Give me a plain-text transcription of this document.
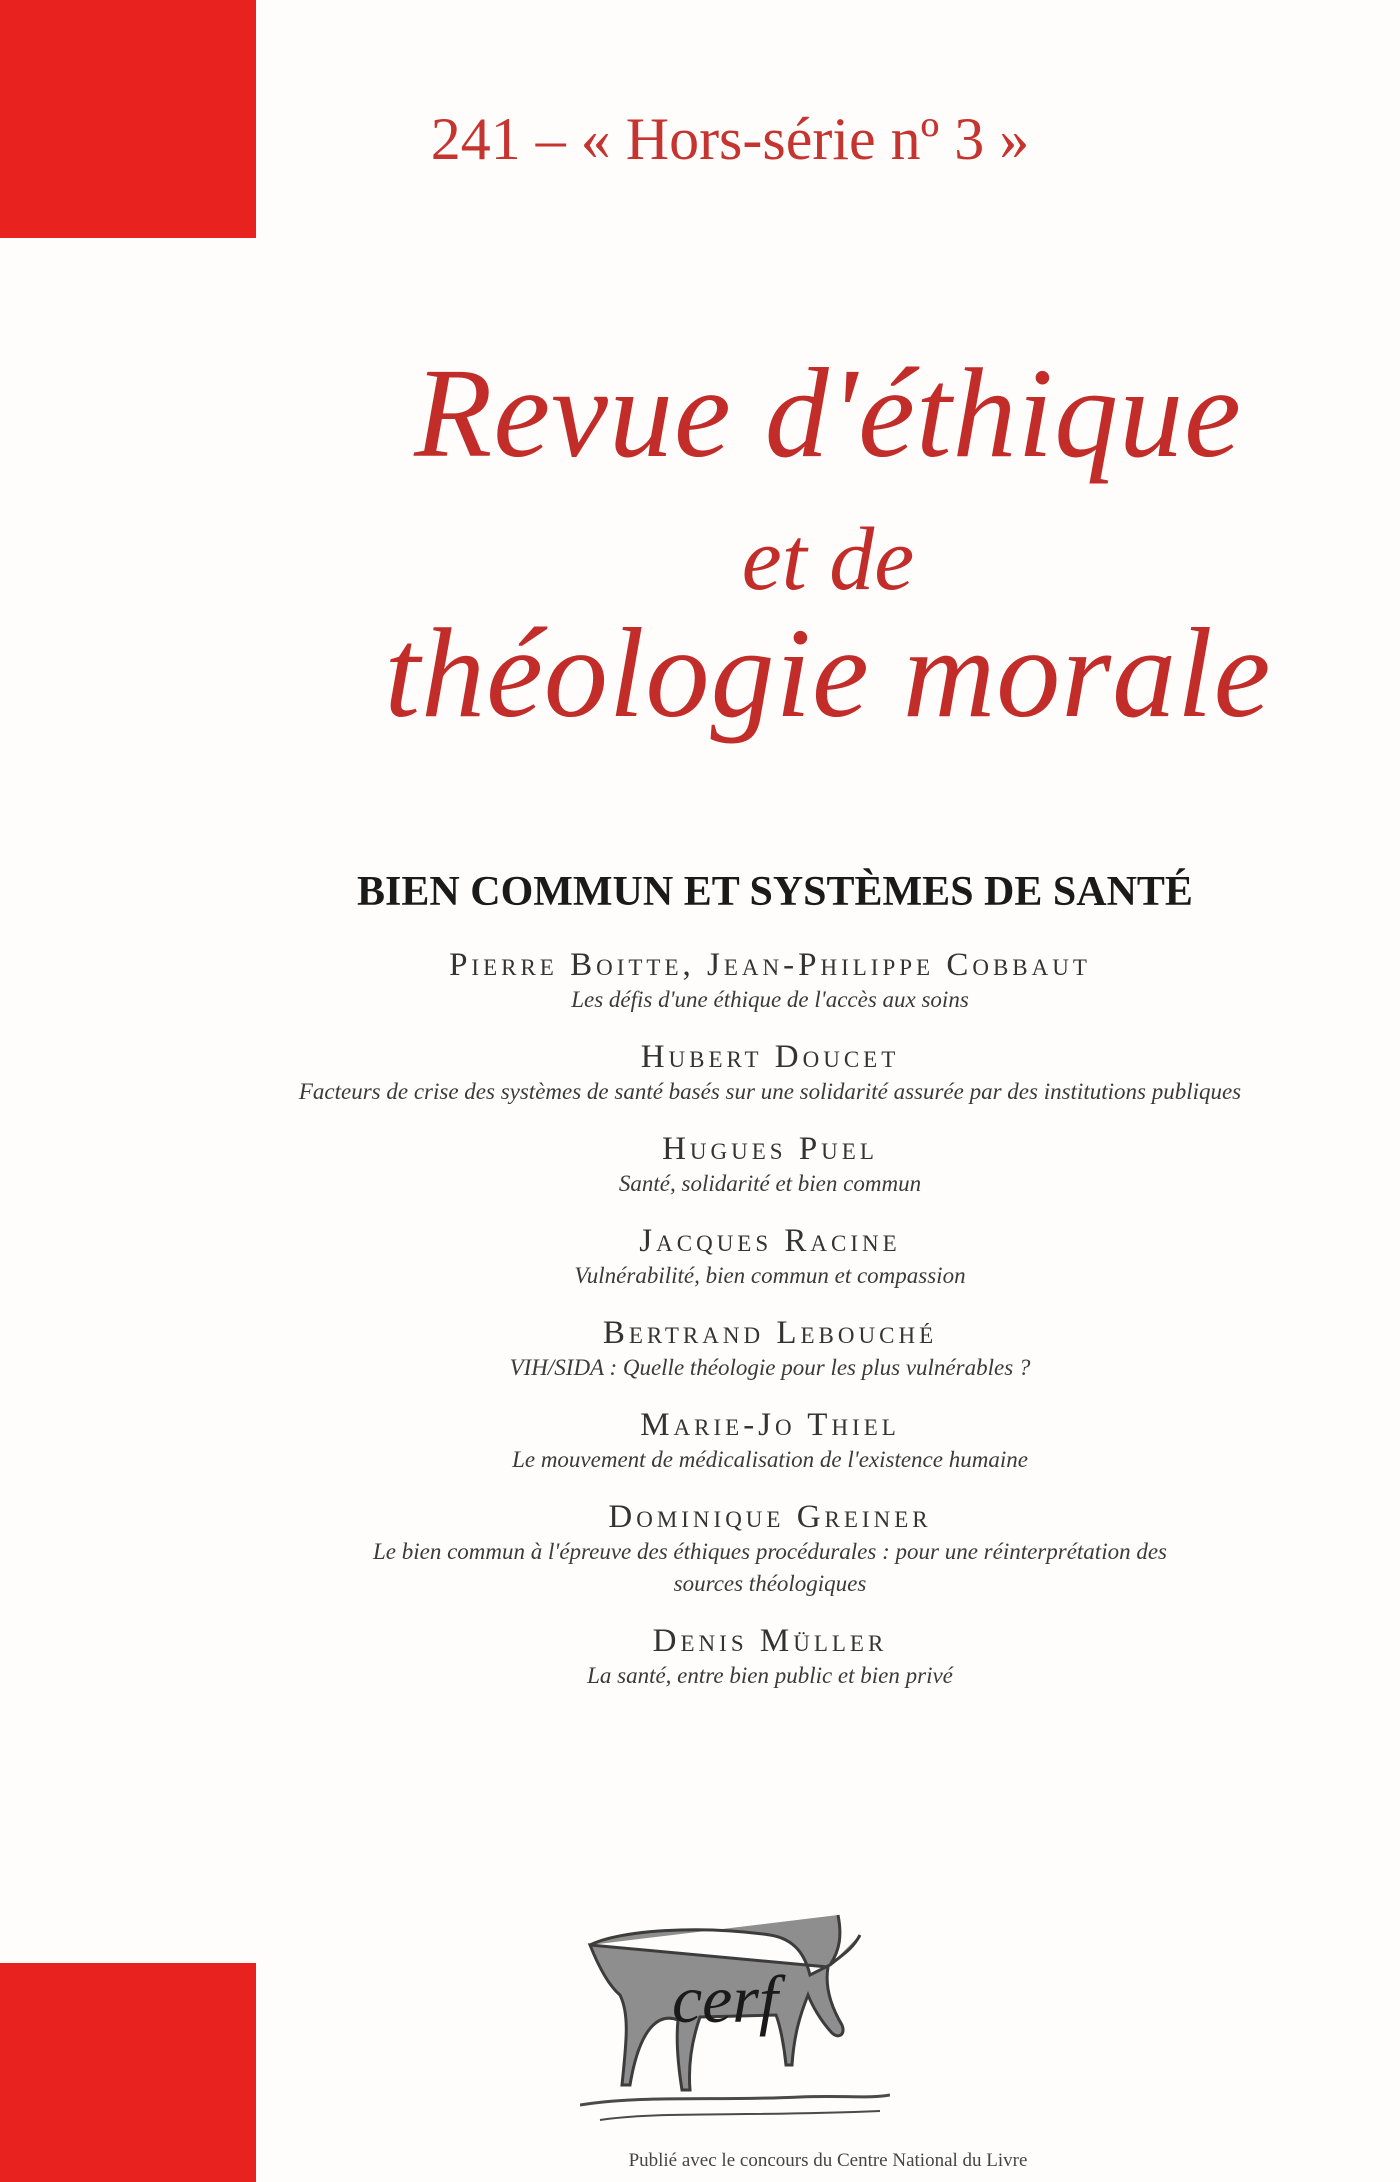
241 – « Hors-série nº 3 »
Revue d'éthique
et de
théologie morale
BIEN COMMUN ET SYSTÈMES DE SANTÉ
Pierre Boitte, Jean-Philippe Cobbaut
Les défis d'une éthique de l'accès aux soins
Hubert Doucet
Facteurs de crise des systèmes de santé basés sur une solidarité assurée par des institutions publiques
Hugues Puel
Santé, solidarité et bien commun
Jacques Racine
Vulnérabilité, bien commun et compassion
Bertrand Lebouché
VIH/SIDA : Quelle théologie pour les plus vulnérables ?
Marie-Jo Thiel
Le mouvement de médicalisation de l'existence humaine
Dominique Greiner
Le bien commun à l'épreuve des éthiques procédurales : pour une réinterprétation des sources théologiques
Denis Müller
La santé, entre bien public et bien privé
cerf
Publié avec le concours du Centre National du Livre
